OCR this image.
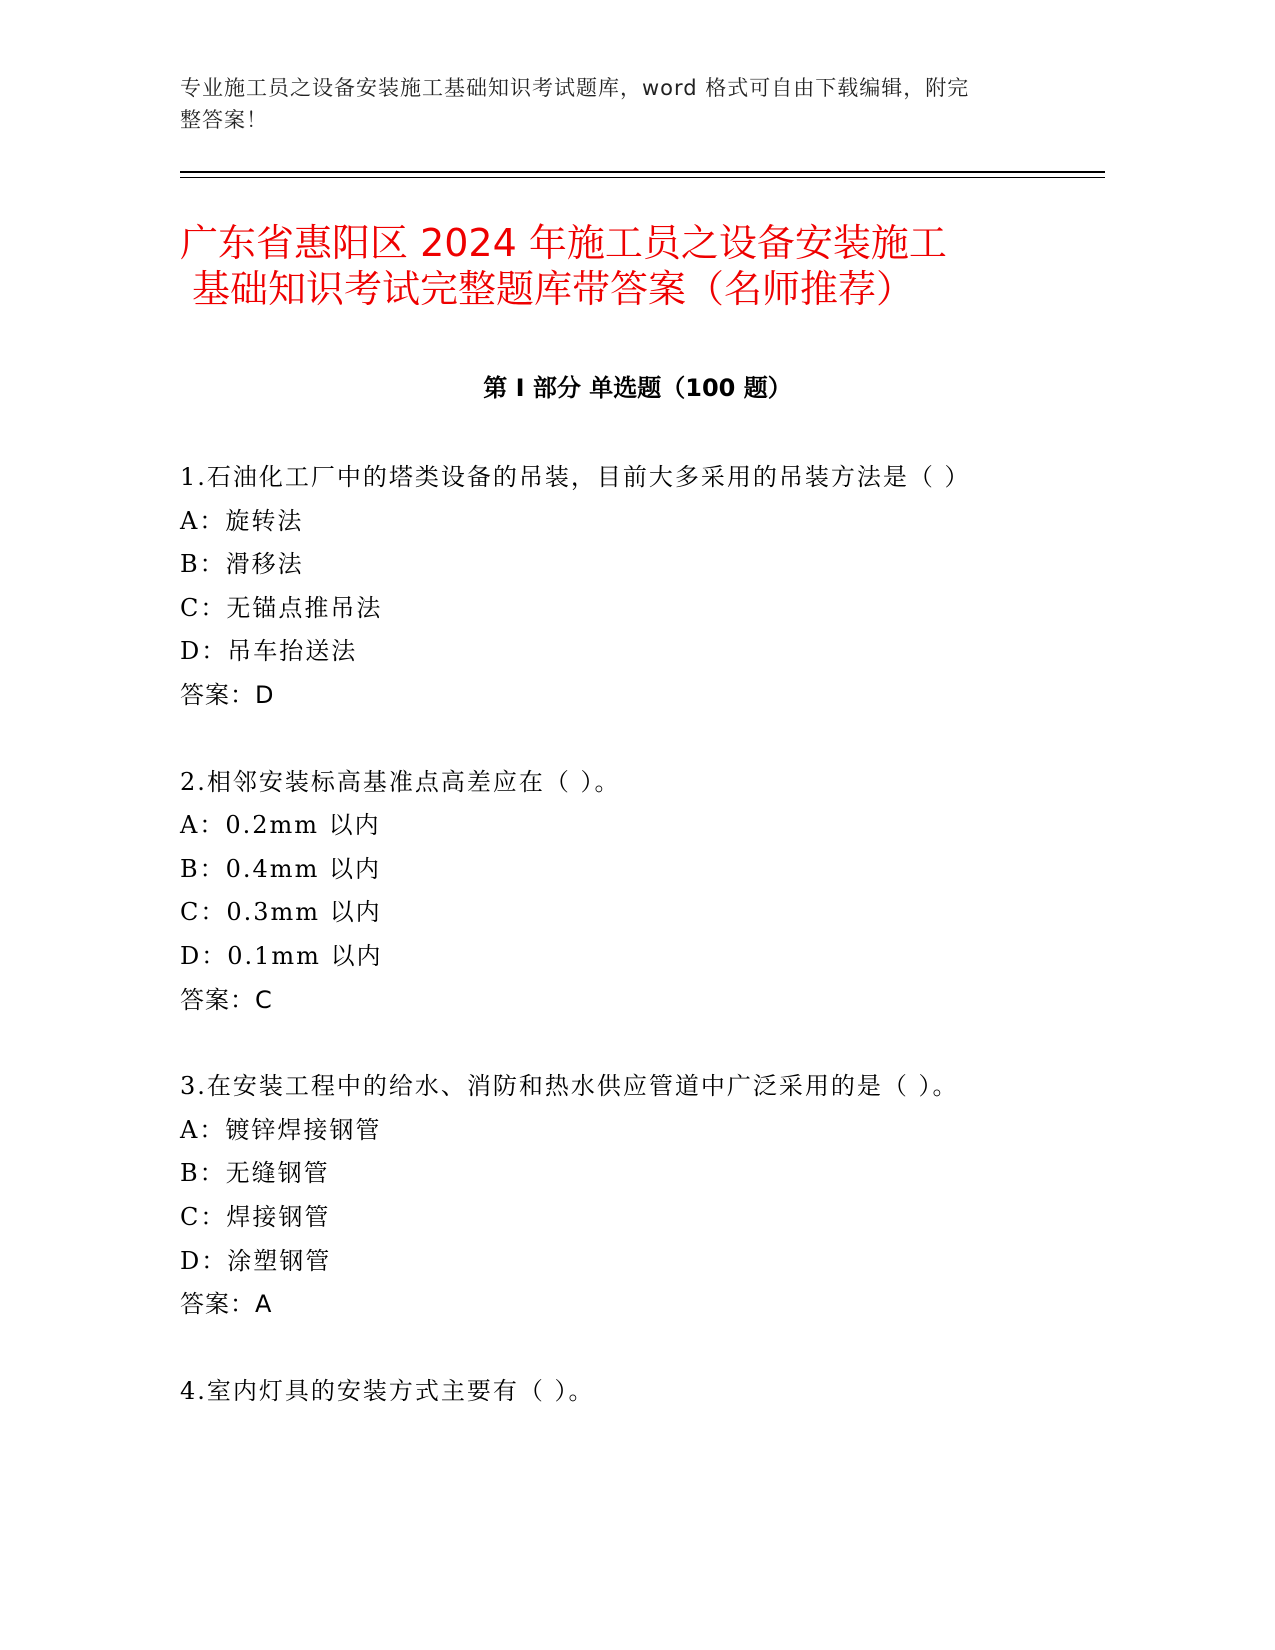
专业施工员之设备安装施工基础知识考试题库，word 格式可自由下载编辑，附完
整答案！
广东省惠阳区 2024 年施工员之设备安装施工
基础知识考试完整题库带答案（名师推荐）
第 I 部分 单选题（100 题）
1.石油化工厂中的塔类设备的吊装，目前大多采用的吊装方法是（ ）
A：旋转法
B：滑移法
C：无锚点推吊法
D：吊车抬送法
答案：D
2.相邻安装标高基准点高差应在（ ）。
A：0.2mm 以内
B：0.4mm 以内
C：0.3mm 以内
D：0.1mm 以内
答案：C
3.在安装工程中的给水、消防和热水供应管道中广泛采用的是（ ）。
A：镀锌焊接钢管
B：无缝钢管
C：焊接钢管
D：涂塑钢管
答案：A
4.室内灯具的安装方式主要有（ ）。
